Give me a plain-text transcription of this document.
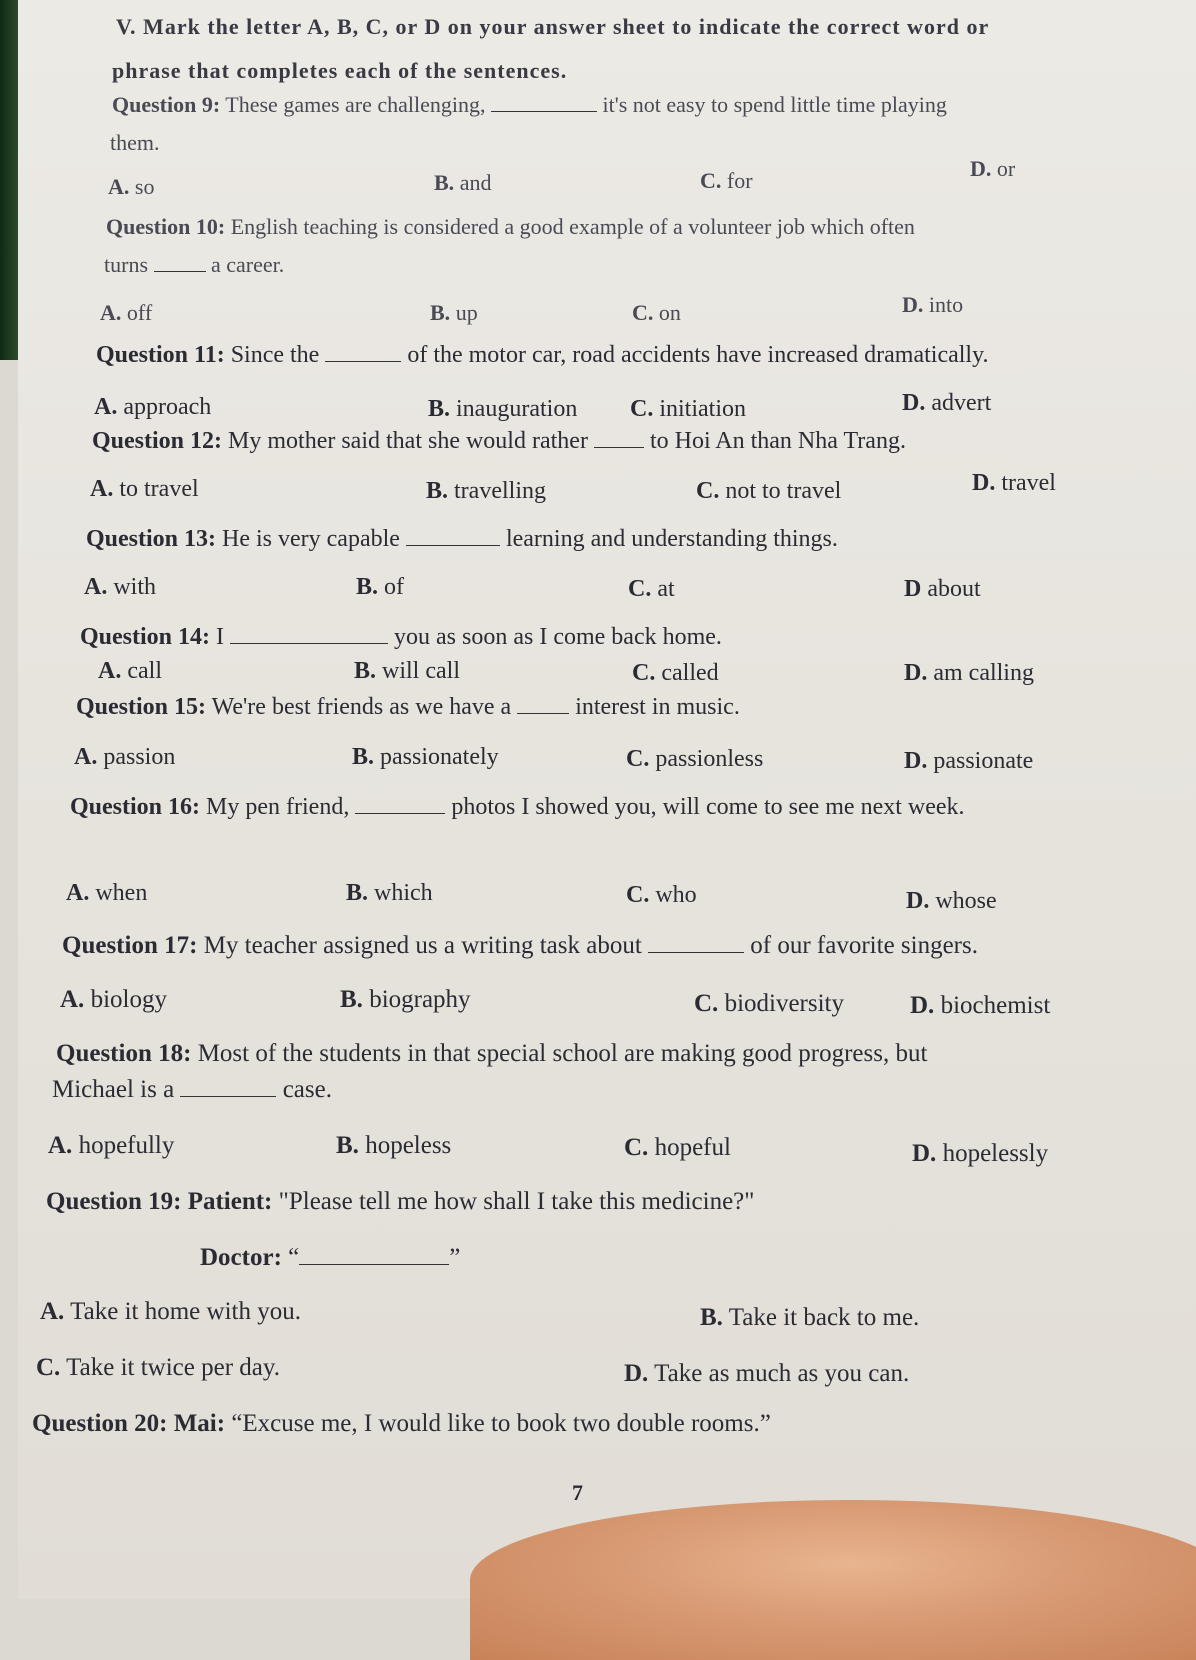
V. Mark the letter A, B, C, or D on your answer sheet to indicate the correct word or
phrase that completes each of the sentences.
Question 9: These games are challenging,	it's not easy to spend little time playing
them.
A. so	B. and	C. for	D. or
Question 10: English teaching is considered a good example of a volunteer job which often
turns	a career.
A. off	B. up	C. on	D. into
Question 11: Since the	of the motor car, road accidents have increased dramatically.
A. approach	B. inauguration C. initiation	D. advert
Question 12: My mother said that she would rather	to Hoi An than Nha Trang.
A. to travel	B. travelling	C. not to travel	D. travel
Question 13: He is very capable	learning and understanding things.
A. with	B. of	C. at	D about
Question 14: I	you as soon as I come back home.
A. call	B. will call	C. called	D. am calling
Question 15: We're best friends as we have a	interest in music.
A. passion	B. passionately	C. passionless	D. passionate
Question 16: My pen friend,	photos I showed you, will come to see me next week.
A. when	B. which	C. who	D. whose
Question 17: My teacher assigned us a writing task about	of our favorite singers.
A. biology	B. biography	C. biodiversity	D. biochemist
Question 18: Most of the students in that special school are making good progress, but
Michael is a	case.
A. hopefully	B. hopeless	C. hopeful	D. hopelessly
Question 19: Patient: "Please tell me how shall I take this medicine?"
Doctor: “	”
A. Take it home with you.	B. Take it back to me.
C. Take it twice per day.	D. Take as much as you can.
Question 20: Mai: “Excuse me, I would like to book two double rooms.”
7
